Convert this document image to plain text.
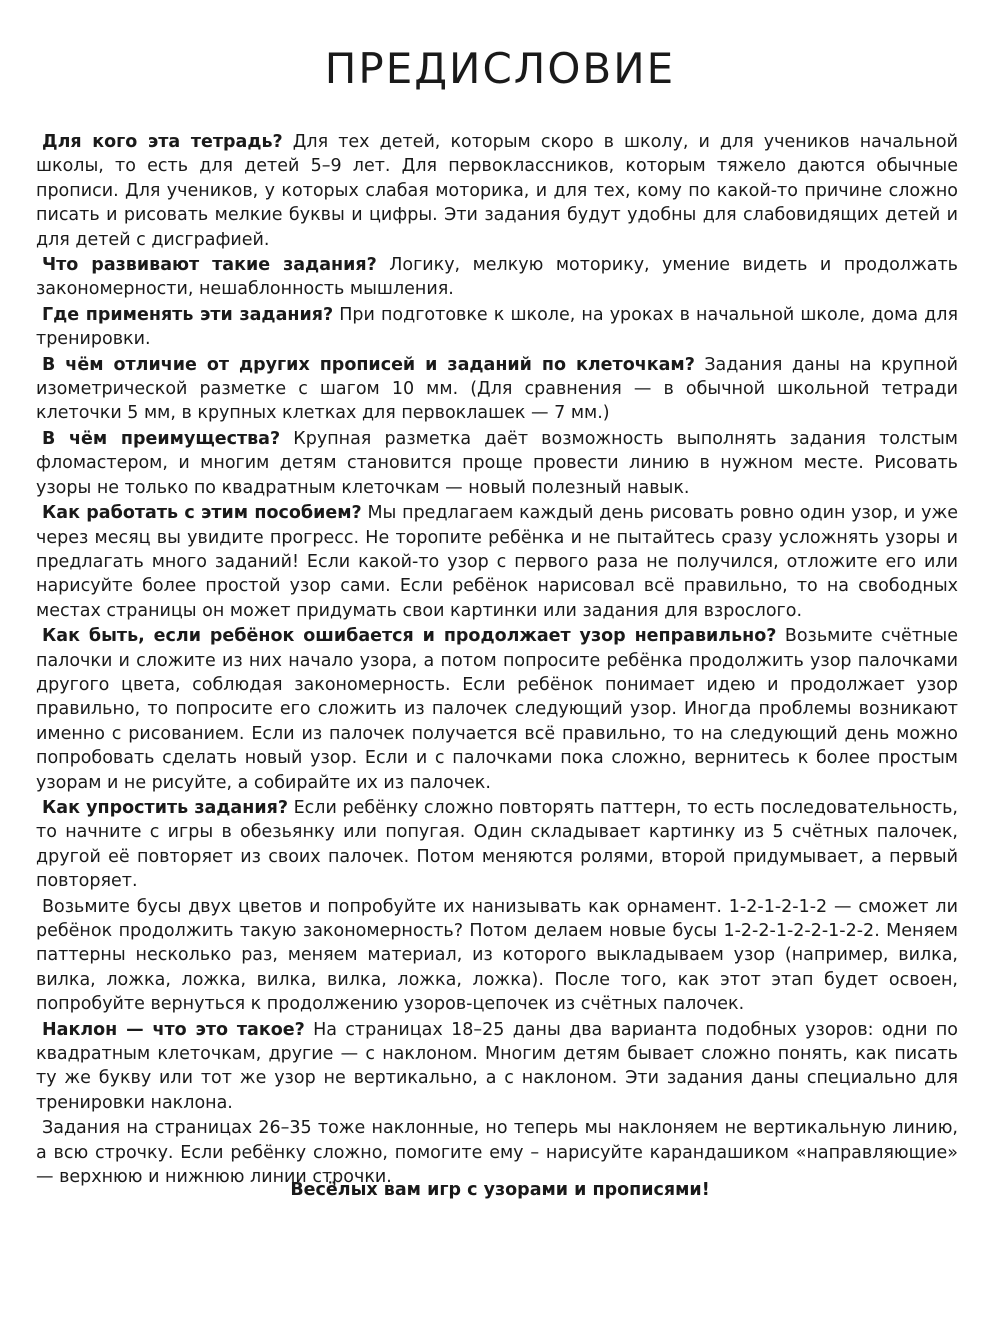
ПРЕДИСЛОВИЕ

Для кого эта тетрадь? Для тех детей, которым скоро в школу, и для учеников начальной школы, то есть для детей 5–9 лет. Для первоклассников, которым тяжело даются обычные прописи. Для учеников, у которых слабая моторика, и для тех, кому по какой-то причине сложно писать и рисовать мелкие буквы и цифры. Эти задания будут удобны для слабовидящих детей и для детей с дисграфией.

Что развивают такие задания? Логику, мелкую моторику, умение видеть и продолжать закономерности, нешаблонность мышления.

Где применять эти задания? При подготовке к школе, на уроках в начальной школе, дома для тренировки.

В чём отличие от других прописей и заданий по клеточкам? Задания даны на крупной изометрической разметке с шагом 10 мм. (Для сравнения — в обычной школьной тетради клеточки 5 мм, в крупных клетках для первоклашек — 7 мм.)

В чём преимущества? Крупная разметка даёт возможность выполнять задания толстым фломастером, и многим детям становится проще провести линию в нужном месте. Рисовать узоры не только по квадратным клеточкам — новый полезный навык.

Как работать с этим пособием? Мы предлагаем каждый день рисовать ровно один узор, и уже через месяц вы увидите прогресс. Не торопите ребёнка и не пытайтесь сразу усложнять узоры и предлагать много заданий! Если какой-то узор с первого раза не получился, отложите его или нарисуйте более простой узор сами. Если ребёнок нарисовал всё правильно, то на свободных местах страницы он может придумать свои картинки или задания для взрослого.

Как быть, если ребёнок ошибается и продолжает узор неправильно? Возьмите счётные палочки и сложите из них начало узора, а потом попросите ребёнка продолжить узор палочками другого цвета, соблюдая закономерность. Если ребёнок понимает идею и продолжает узор правильно, то попросите его сложить из палочек следующий узор. Иногда проблемы возникают именно с рисованием. Если из палочек получается всё правильно, то на следующий день можно попробовать сделать новый узор. Если и с палочками пока сложно, вернитесь к более простым узорам и не рисуйте, а собирайте их из палочек.

Как упростить задания? Если ребёнку сложно повторять паттерн, то есть последовательность, то начните с игры в обезьянку или попугая. Один складывает картинку из 5 счётных палочек, другой её повторяет из своих палочек. Потом меняются ролями, второй придумывает, а первый повторяет.

Возьмите бусы двух цветов и попробуйте их нанизывать как орнамент. 1-2-1-2-1-2 — сможет ли ребёнок продолжить такую закономерность? Потом делаем новые бусы 1-2-2-1-2-2-1-2-2. Меняем паттерны несколько раз, меняем материал, из которого выкладываем узор (например, вилка, вилка, ложка, ложка, вилка, вилка, ложка, ложка). После того, как этот этап будет освоен, попробуйте вернуться к продолжению узоров-цепочек из счётных палочек.

Наклон — что это такое? На страницах 18–25 даны два варианта подобных узоров: одни по квадратным клеточкам, другие — с наклоном. Многим детям бывает сложно понять, как писать ту же букву или тот же узор не вертикально, а с наклоном. Эти задания даны специально для тренировки наклона.

Задания на страницах 26–35 тоже наклонные, но теперь мы наклоняем не вертикальную линию, а всю строчку. Если ребёнку сложно, помогите ему – нарисуйте карандашиком «направляющие» — верхнюю и нижнюю линии строчки.

Весёлых вам игр с узорами и прописями!
